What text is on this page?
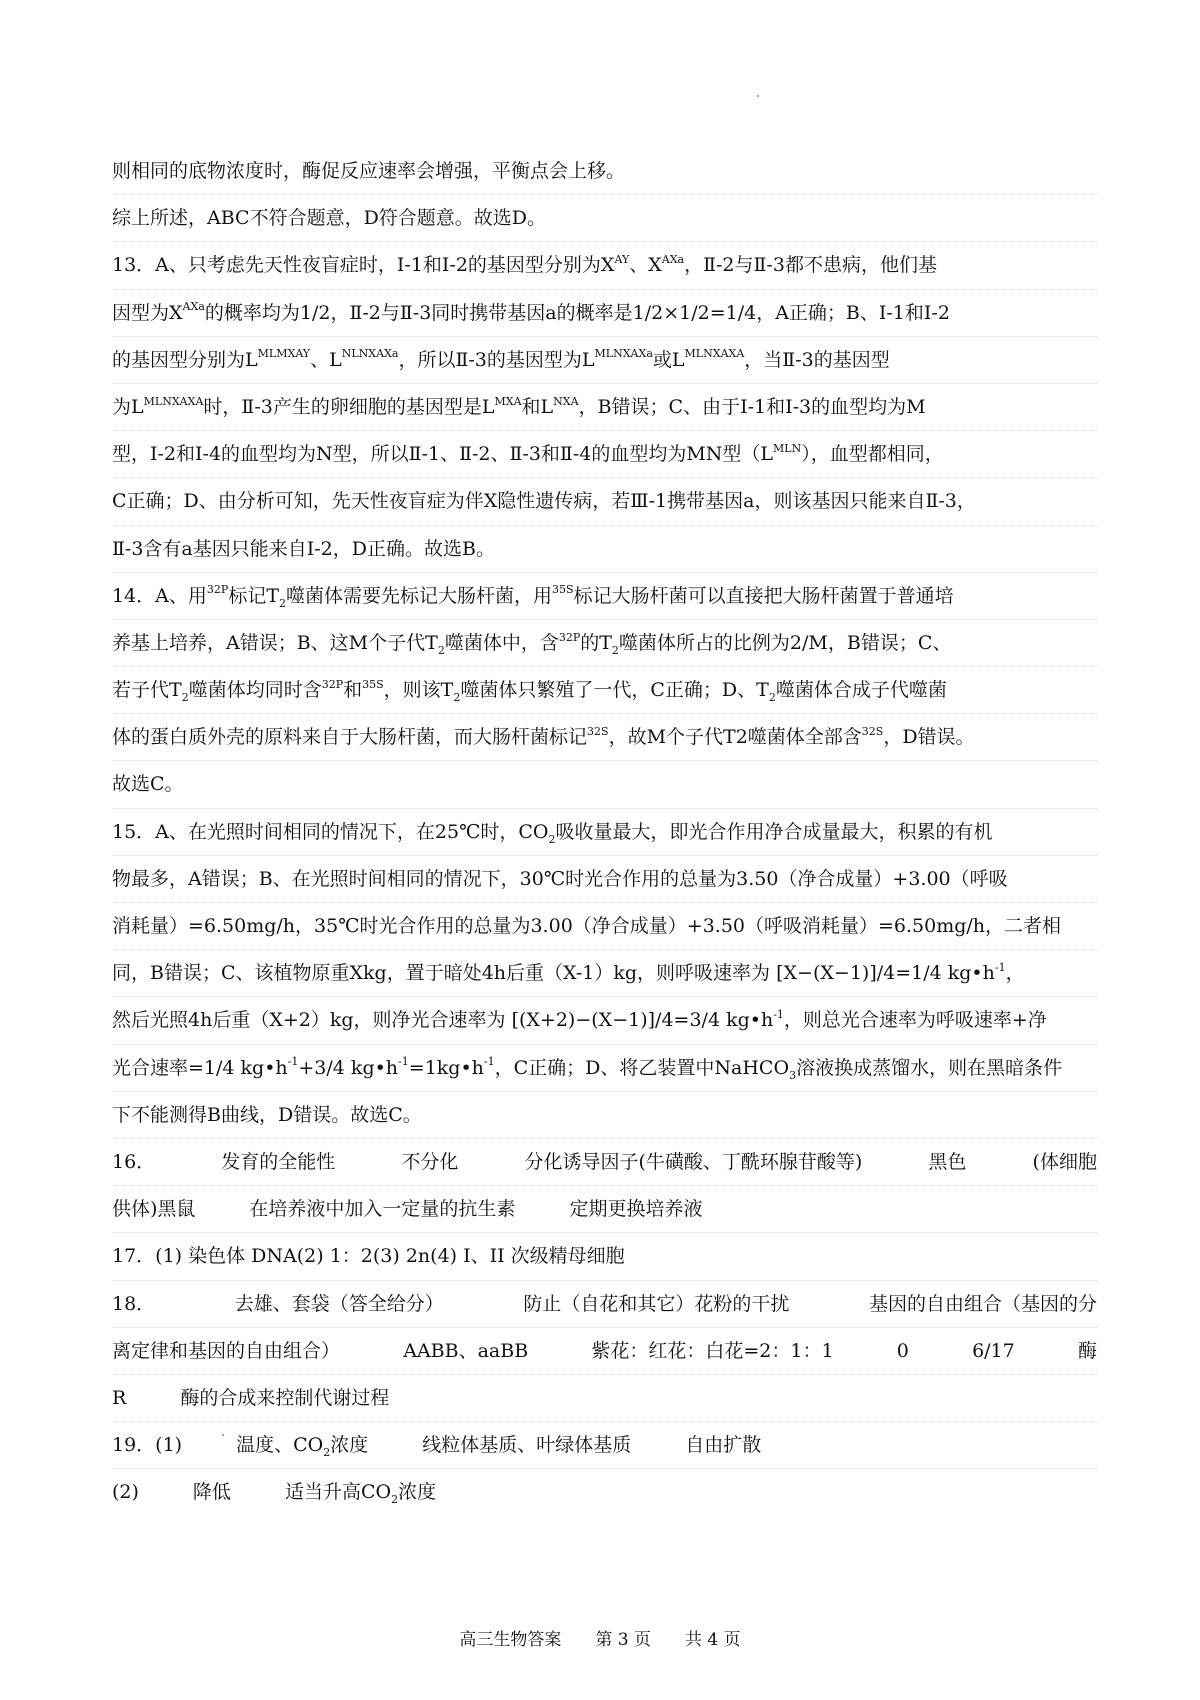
则相同的底物浓度时，酶促反应速率会增强，平衡点会上移。
综上所述，ABC不符合题意，D符合题意。故选D。
13．A、只考虑先天性夜盲症时，Ⅰ-1和Ⅰ-2的基因型分别为$X^{AY}$、$X^{AXa}$，Ⅱ-2与Ⅱ-3都不患病，他们基
因型为$X^{AXa}$的概率均为1/2，Ⅱ-2与Ⅱ-3同时携带基因a的概率是1/2×1/2=1/4，A正确；B、Ⅰ-1和Ⅰ-2
的基因型分别为$L^{MLMXAY}$、$L^{NLNXAXa}$，所以Ⅱ-3的基因型为$L^{MLNXAXa}$或$L^{MLNXAXA}$，当Ⅱ-3的基因型
为$L^{MLNXAXA}$时，Ⅱ-3产生的卵细胞的基因型是$L^{MXA}$和$L^{NXA}$，B错误；C、由于I-1和I-3的血型均为M
型，I-2和I-4的血型均为N型，所以Ⅱ-1、Ⅱ-2、Ⅱ-3和Ⅱ-4的血型均为MN型$(L^{MLN})$，血型都相同，
C正确；D、由分析可知，先天性夜盲症为伴X隐性遗传病，若Ⅲ-1携带基因a，则该基因只能来自Ⅱ-3，
Ⅱ-3含有a基因只能来自Ⅰ-2，D正确。故选B。
14．A、用$^{32P}$标记$T_2$噬菌体需要先标记大肠杆菌，用$^{35S}$标记大肠杆菌可以直接把大肠杆菌置于普通培
养基上培养，A错误；B、这M个子代$T_2$噬菌体中，含$^{32P}$的$T_2$噬菌体所占的比例为2/M，B错误；C、
若子代$T_2$噬菌体均同时含$^{32P}$和$^{35S}$，则该$T_2$噬菌体只繁殖了一代，C正确；D、$T_2$噬菌体合成子代噬菌
体的蛋白质外壳的原料来自于大肠杆菌，而大肠杆菌标记$^{32S}$，故M个子代T2噬菌体全部含$^{32S}$，D错误。
故选C。
15．A、在光照时间相同的情况下，在25℃时，$CO_2$吸收量最大，即光合作用净合成量最大，积累的有机
物最多，A错误；B、在光照时间相同的情况下，30℃时光合作用的总量为3.50（净合成量）+3.00（呼吸
消耗量）=6.50mg/h，35℃时光合作用的总量为3.00（净合成量）+3.50（呼吸消耗量）=6.50mg/h，二者相
同，B错误；C、该植物原重Xkg，置于暗处4h后重（X-1）kg，则呼吸速率为 [X−(X−1)]/4=1/4 $kg•h^{-1}$，
然后光照4h后重（X+2）kg，则净光合速率为 [(X+2)−(X−1)]/4=3/4 $kg•h^{-1}$，则总光合速率为呼吸速率+净
光合速率=1/4 $kg•h^{-1}+3/4$ $kg•h^{-1}=1kg•h^{-1}$，C正确；D、将乙装置中NaHCO$_3$溶液换成蒸馏水，则在黑暗条件
下不能测得B曲线，D错误。故选C。
16．	发育的全能性	不分化	分化诱导因子(牛磺酸、丁酰环腺苷酸等)	黑色	(体细胞
供体)黑鼠	在培养液中加入一定量的抗生素	定期更换培养液
17．(1) 染色体 DNA(2) 1：2(3) 2n(4) I、II 次级精母细胞
18．	去雄、套袋（答全给分）	防止（自花和其它）花粉的干扰	基因的自由组合（基因的分
离定律和基因的自由组合）	AABB、aaBB	紫花：红花：白花=2：1：1	0	6/17	酶
R	酶的合成来控制代谢过程
19．(1)	温度、$CO_2$浓度	线粒体基质、叶绿体基质	自由扩散
(2)	降低	适当升高$CO_2$浓度
高三生物答案 第 3 页 共 4 页
